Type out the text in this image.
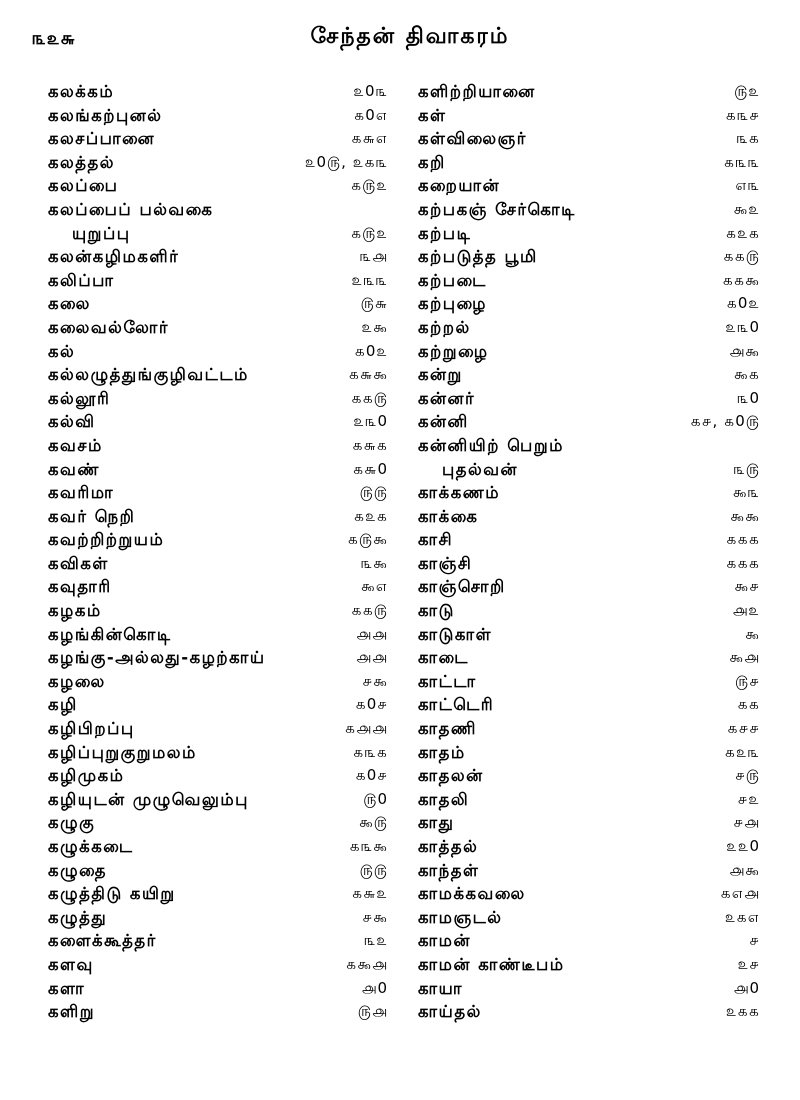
௩௨௬	சேந்தன் திவாகரம்
கலக்கம்	௨0௩
கலங்கற்புனல்	௧0௭
கலசப்பானை	௧௬௭
கலத்தல்	௨0௫, ௨௧௩
கலப்பை	௧௫௨
கலப்பைப் பல்வகை
யுறுப்பு	௧௫௨
கலன்கழிமகளிர்	௩௮
கலிப்பா	௨௩௩
கலை	௫௬
கலைவல்லோர்	௨௯
கல்	௧0௨
கல்லழுத்துங்குழிவட்டம்	௧௬௯
கல்லூரி	௧௧௫
கல்வி	௨௩0
கவசம்	௧௬௧
கவண்	௧௬0
கவரிமா	௫௫
கவர் நெறி	௧௨௧
கவற்றிற்றுயம்	௧௫௯
கவிகள்	௩௯
கவுதாரி	௯௭
கழகம்	௧௧௫
கழங்கின்கொடி	௮௮
கழங்கு-அல்லது-கழற்காய்	௮௮
கழலை	௪௯
கழி	௧0௪
கழிபிறப்பு	௧௮௮
கழிப்புறுகுறுமலம்	௧௩௧
கழிமுகம்	௧0௪
கழியுடன் முழுவெலும்பு	௫0
கழுகு	௯௫
கழுக்கடை	௧௩௯
கழுதை	௫௫
கழுத்திடு கயிறு	௧௬௨
கழுத்து	௪௯
களைக்கூத்தர்	௩௨
களவு	௧௯௮
களா	௮0
களிறு	௫௮
களிற்றியானை	௫௨
கள்	௧௩௪
கள்விலைஞர்	௩௧
கறி	௧௩௩
கறையான்	௭௩
கற்பகஞ் சேர்கொடி	௯௨
கற்படி	௧௨௧
கற்படுத்த பூமி	௧௧௫
கற்படை	௧௧௯
கற்புழை	௧0௨
கற்றல்	௨௩0
கற்றுழை	௮௯
கன்று	௯௧
கன்னர்	௩0
கன்னி	௧௪, ௧0௫
கன்னியிற் பெறும்
புதல்வன்	௩௫
காக்கணம்	௯௩
காக்கை	௯௯
காசி	௧௧௧
காஞ்சி	௧௧௧
காஞ்சொறி	௯௪
காடு	௮௨
காடுகாள்	௯
காடை	௯௮
காட்டா	௫௪
காட்டெரி	௧௧
காதணி	௧௪௪
காதம்	௧௨௩
காதலன்	௪௫
காதலி	௪௨
காது	௪௮
காத்தல்	௨௨0
காந்தள்	௮௯
காமக்கவலை	௧௭௮
காமஞடல்	௨௧௭
காமன்	௪
காமன் காண்டீபம்	௨௪
காயா	௮0
காய்தல்	௨௧௧
